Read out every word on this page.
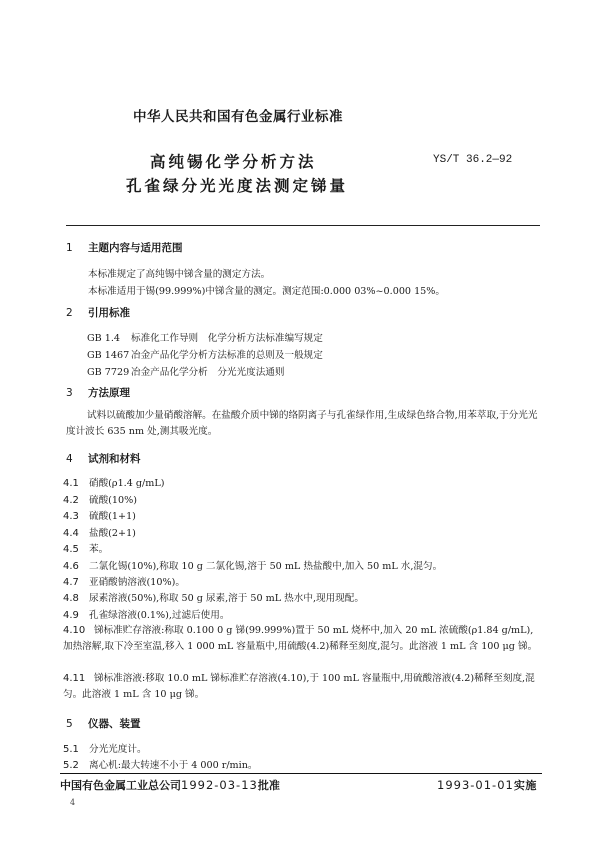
中华人民共和国有色金属行业标准
高纯锡化学分析方法
孔雀绿分光光度法测定锑量
YS/T 36.2—92
1 主题内容与适用范围
本标准规定了高纯锡中锑含量的测定方法。
本标准适用于锡(99.999%)中锑含量的测定。测定范围:0.000 03%~0.000 15%。
2 引用标准
GB 1.4 标准化工作导则　化学分析方法标准编写规定
GB 1467 冶金产品化学分析方法标准的总则及一般规定
GB 7729 冶金产品化学分析　分光光度法通则
3 方法原理
试料以硫酸加少量硝酸溶解。在盐酸介质中锑的络阴离子与孔雀绿作用,生成绿色络合物,用苯萃取,于分光光度计波长 635 nm 处,测其吸光度。
4 试剂和材料
4.1 硝酸(ρ1.4 g/mL)
4.2 硫酸(10%)
4.3 硫酸(1+1)
4.4 盐酸(2+1)
4.5 苯。
4.6 二氯化锡(10%),称取 10 g 二氯化锡,溶于 50 mL 热盐酸中,加入 50 mL 水,混匀。
4.7 亚硝酸钠溶液(10%)。
4.8 尿素溶液(50%),称取 50 g 尿素,溶于 50 mL 热水中,现用现配。
4.9 孔雀绿溶液(0.1%),过滤后使用。
4.10 锑标准贮存溶液:称取 0.100 0 g 锑(99.999%)置于 50 mL 烧杯中,加入 20 mL 浓硫酸(ρ1.84 g/mL),加热溶解,取下冷至室温,移入 1 000 mL 容量瓶中,用硫酸(4.2)稀释至刻度,混匀。此溶液 1 mL 含 100 μg 锑。
4.11 锑标准溶液:移取 10.0 mL 锑标准贮存溶液(4.10),于 100 mL 容量瓶中,用硫酸溶液(4.2)稀释至刻度,混匀。此溶液 1 mL 含 10 μg 锑。
5 仪器、装置
5.1 分光光度计。
5.2 离心机:最大转速不小于 4 000 r/min。
中国有色金属工业总公司1992-03-13批准	1993-01-01实施
4
